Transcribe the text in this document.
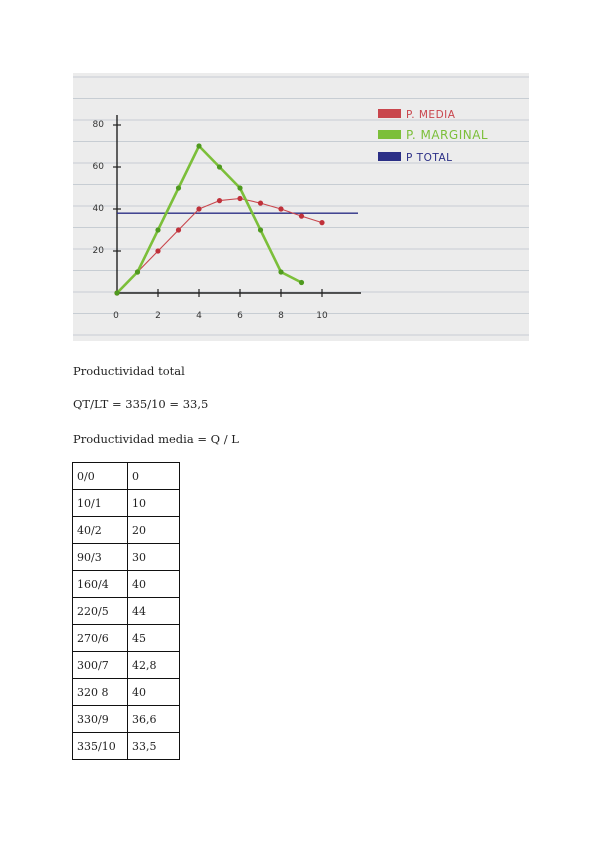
20
40
60
80
0	2	4	6	8	10
P. MEDIA
P. MARGINAL
P TOTAL
Productividad total
QT/LT = 335/10 = 33,5
Productividad media = Q / L
0/0	0
10/1	10
40/2	20
90/3	30
160/4	40
220/5	44
270/6	45
300/7	42,8
320 8	40
330/9	36,6
335/10	33,5
